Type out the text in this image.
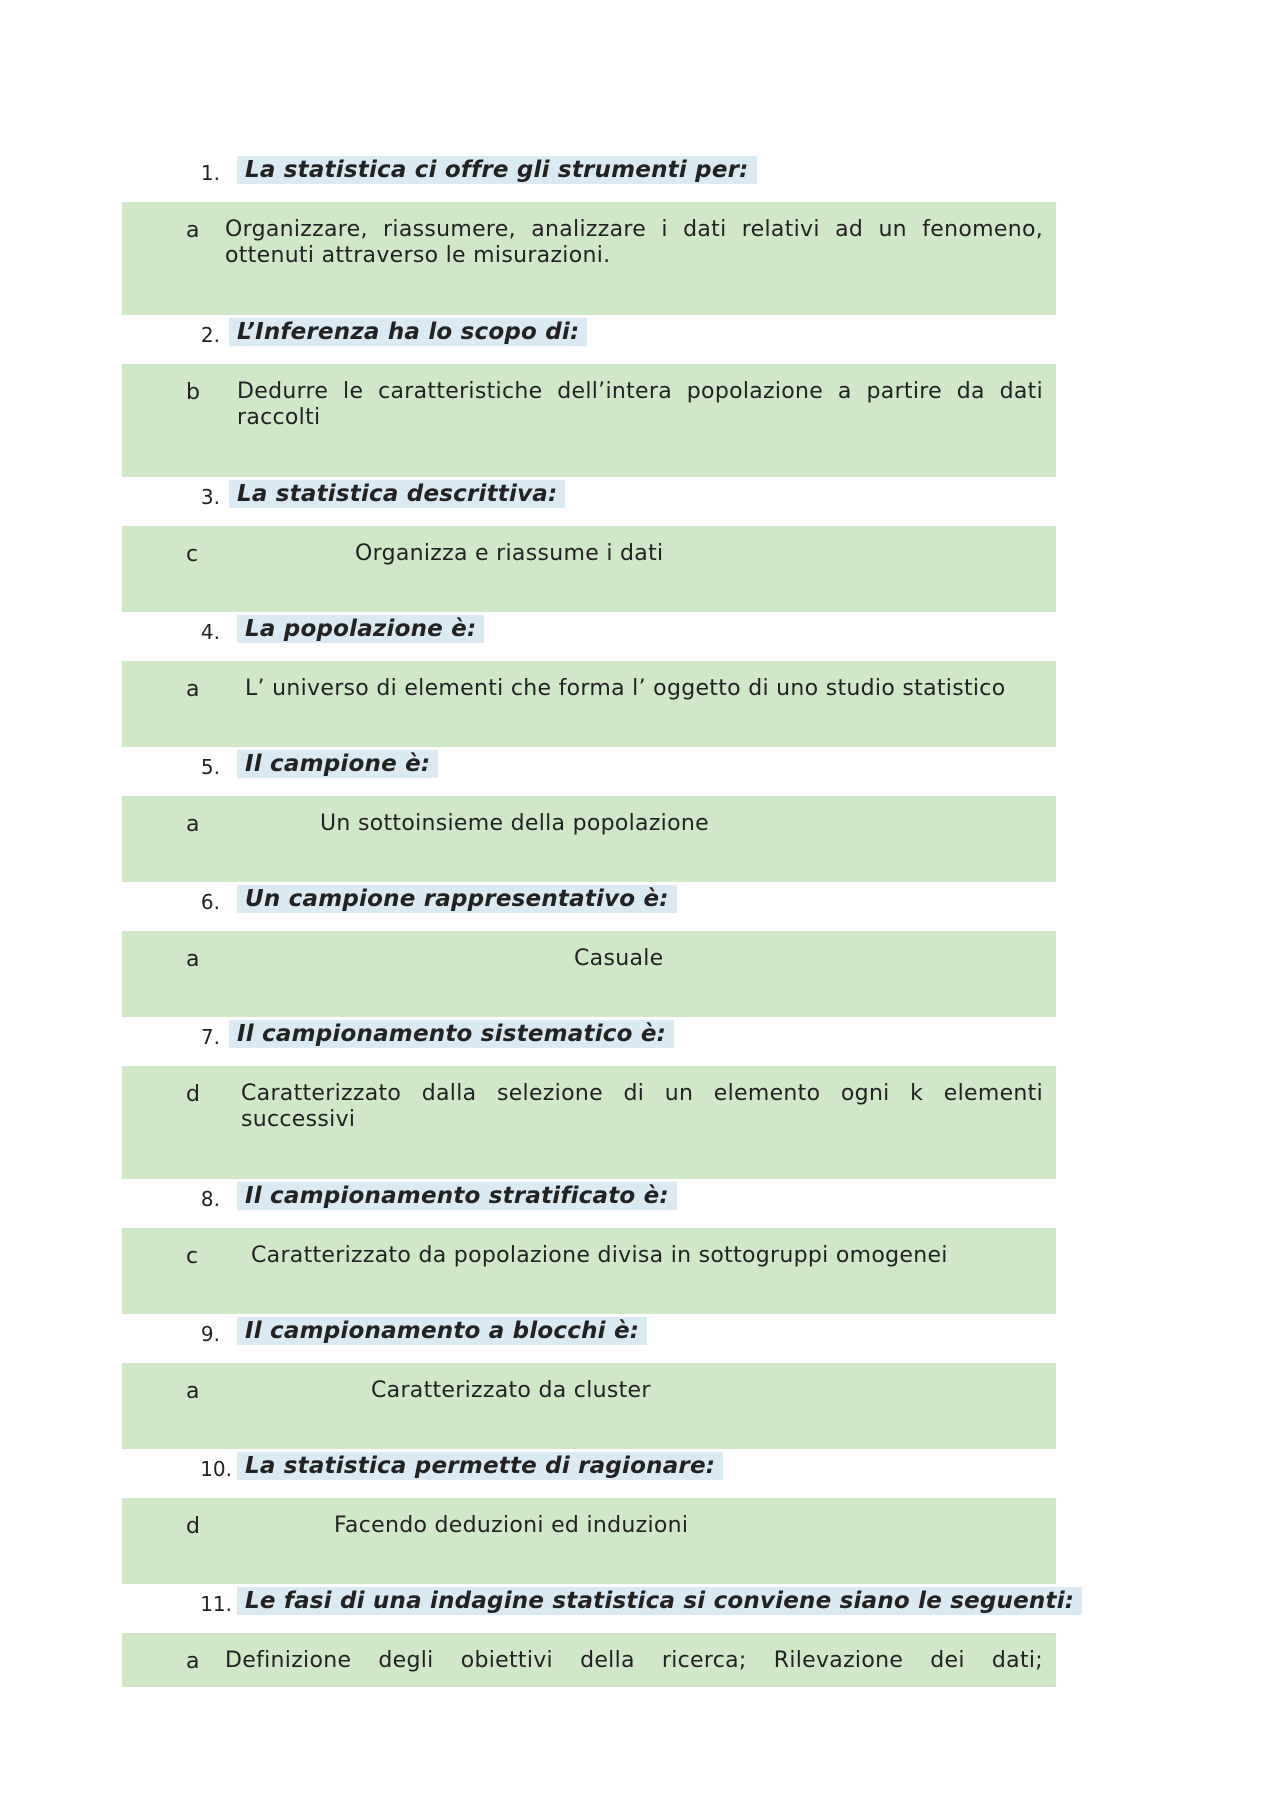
1.	La statistica ci offre gli strumenti per:
a Organizzare, riassumere, analizzare i dati relativi ad un fenomeno, ottenuti attraverso le misurazioni.
2. L’Inferenza ha lo scopo di:
b Dedurre le caratteristiche dell’intera popolazione a partire da dati raccolti
3. La statistica descrittiva:
c	Organizza e riassume i dati
4.	La popolazione è:
a L’ universo di elementi che forma l’ oggetto di uno studio statistico
5.	Il campione è:
a	Un sottoinsieme della popolazione
6.	Un campione rappresentativo è:
a	Casuale
7. Il campionamento sistematico è:
d Caratterizzato dalla selezione di un elemento ogni k elementi successivi
8.	Il campionamento stratificato è:
c Caratterizzato da popolazione divisa in sottogruppi omogenei
9.	Il campionamento a blocchi è:
a	Caratterizzato da cluster
10. La statistica permette di ragionare:
d	Facendo deduzioni ed induzioni
11. Le fasi di una indagine statistica si conviene siano le seguenti:
a Definizione degli obiettivi della ricerca; Rilevazione dei dati;
